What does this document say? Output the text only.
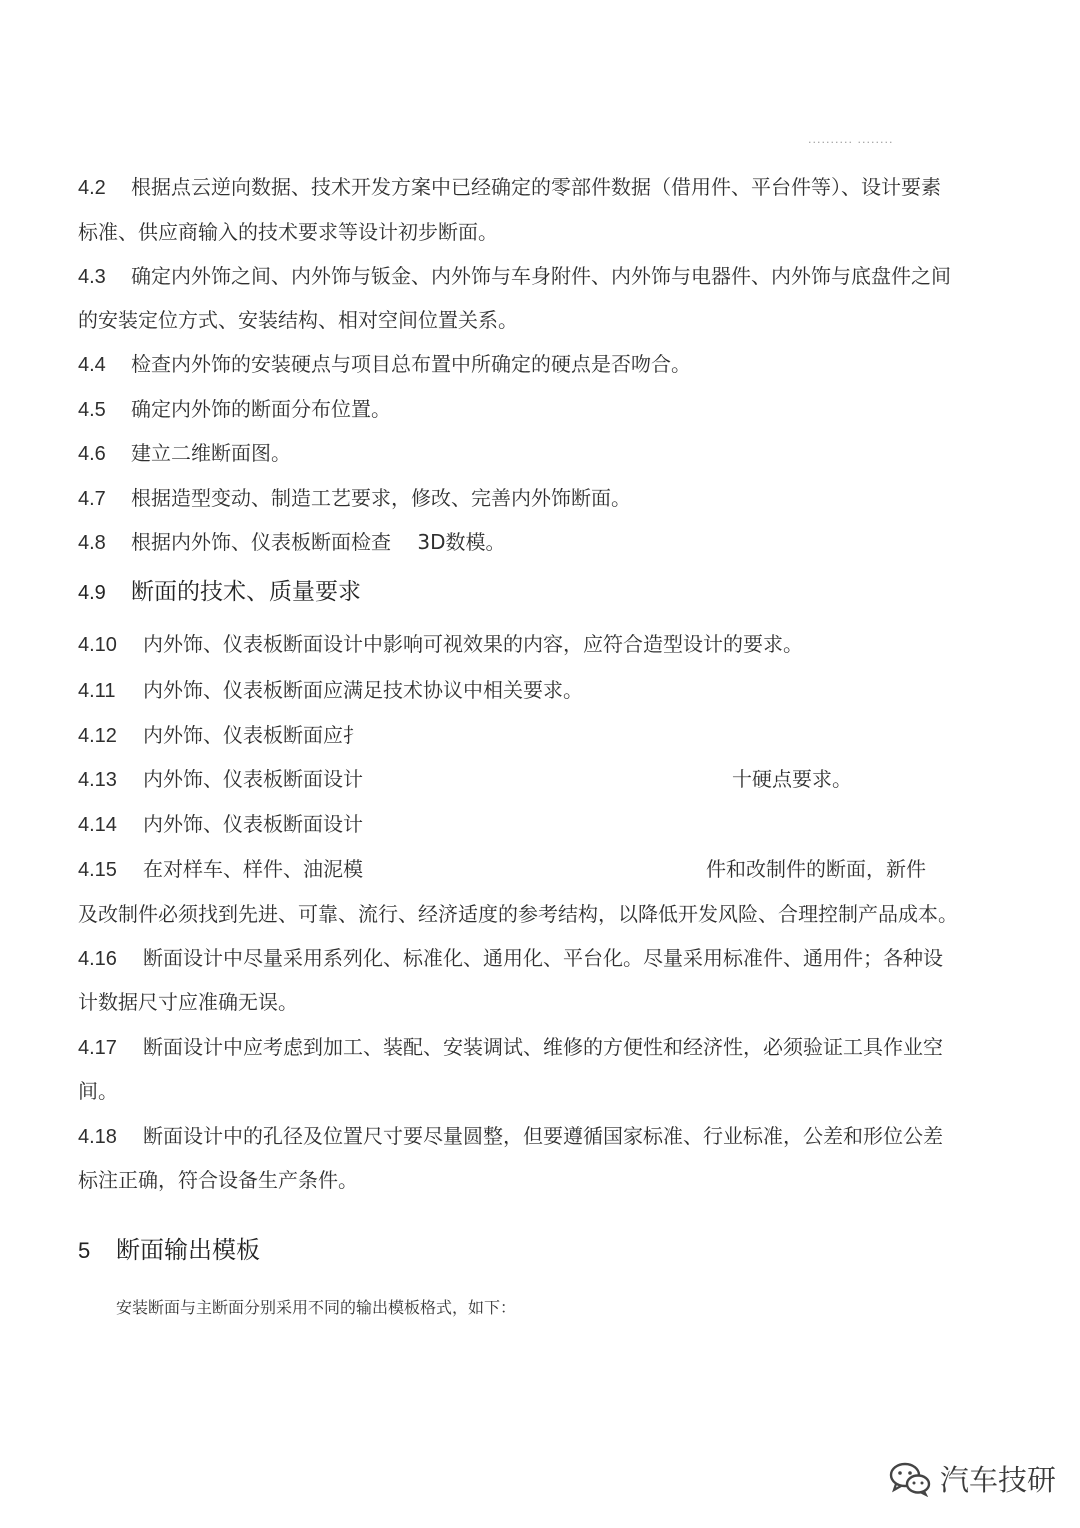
·········· ········
4.2 根据点云逆向数据、技术开发方案中已经确定的零部件数据（借用件、平台件等）、设计要素
标准、供应商输入的技术要求等设计初步断面。
4.3 确定内外饰之间、内外饰与钣金、内外饰与车身附件、内外饰与电器件、内外饰与底盘件之间
的安装定位方式、安装结构、相对空间位置关系。
4.4 检查内外饰的安装硬点与项目总布置中所确定的硬点是否吻合。
4.5 确定内外饰的断面分布位置。
4.6 建立二维断面图。
4.7 根据造型变动、制造工艺要求，修改、完善内外饰断面。
4.8 根据内外饰、仪表板断面检查　 3D数模。
4.9 断面的技术、质量要求
4.10 内外饰、仪表板断面设计中影响可视效果的内容，应符合造型设计的要求。
4.11 内外饰、仪表板断面应满足技术协议中相关要求。
4.12 内外饰、仪表板断面应扌
4.13 内外饰、仪表板断面设计	十硬点要求。
4.14 内外饰、仪表板断面设计
4.15 在对样车、样件、油泥模	件和改制件的断面，新件
及改制件必须找到先进、可靠、流行、经济适度的参考结构，以降低开发风险、合理控制产品成本。
4.16 断面设计中尽量采用系列化、标准化、通用化、平台化。尽量采用标准件、通用件；各种设
计数据尺寸应准确无误。
4.17 断面设计中应考虑到加工、装配、安装调试、维修的方便性和经济性，必须验证工具作业空
间。
4.18 断面设计中的孔径及位置尺寸要尽量圆整，但要遵循国家标准、行业标准，公差和形位公差
标注正确，符合设备生产条件。
5 断面输出模板
安装断面与主断面分别采用不同的输出模板格式，如下：
汽车技研
